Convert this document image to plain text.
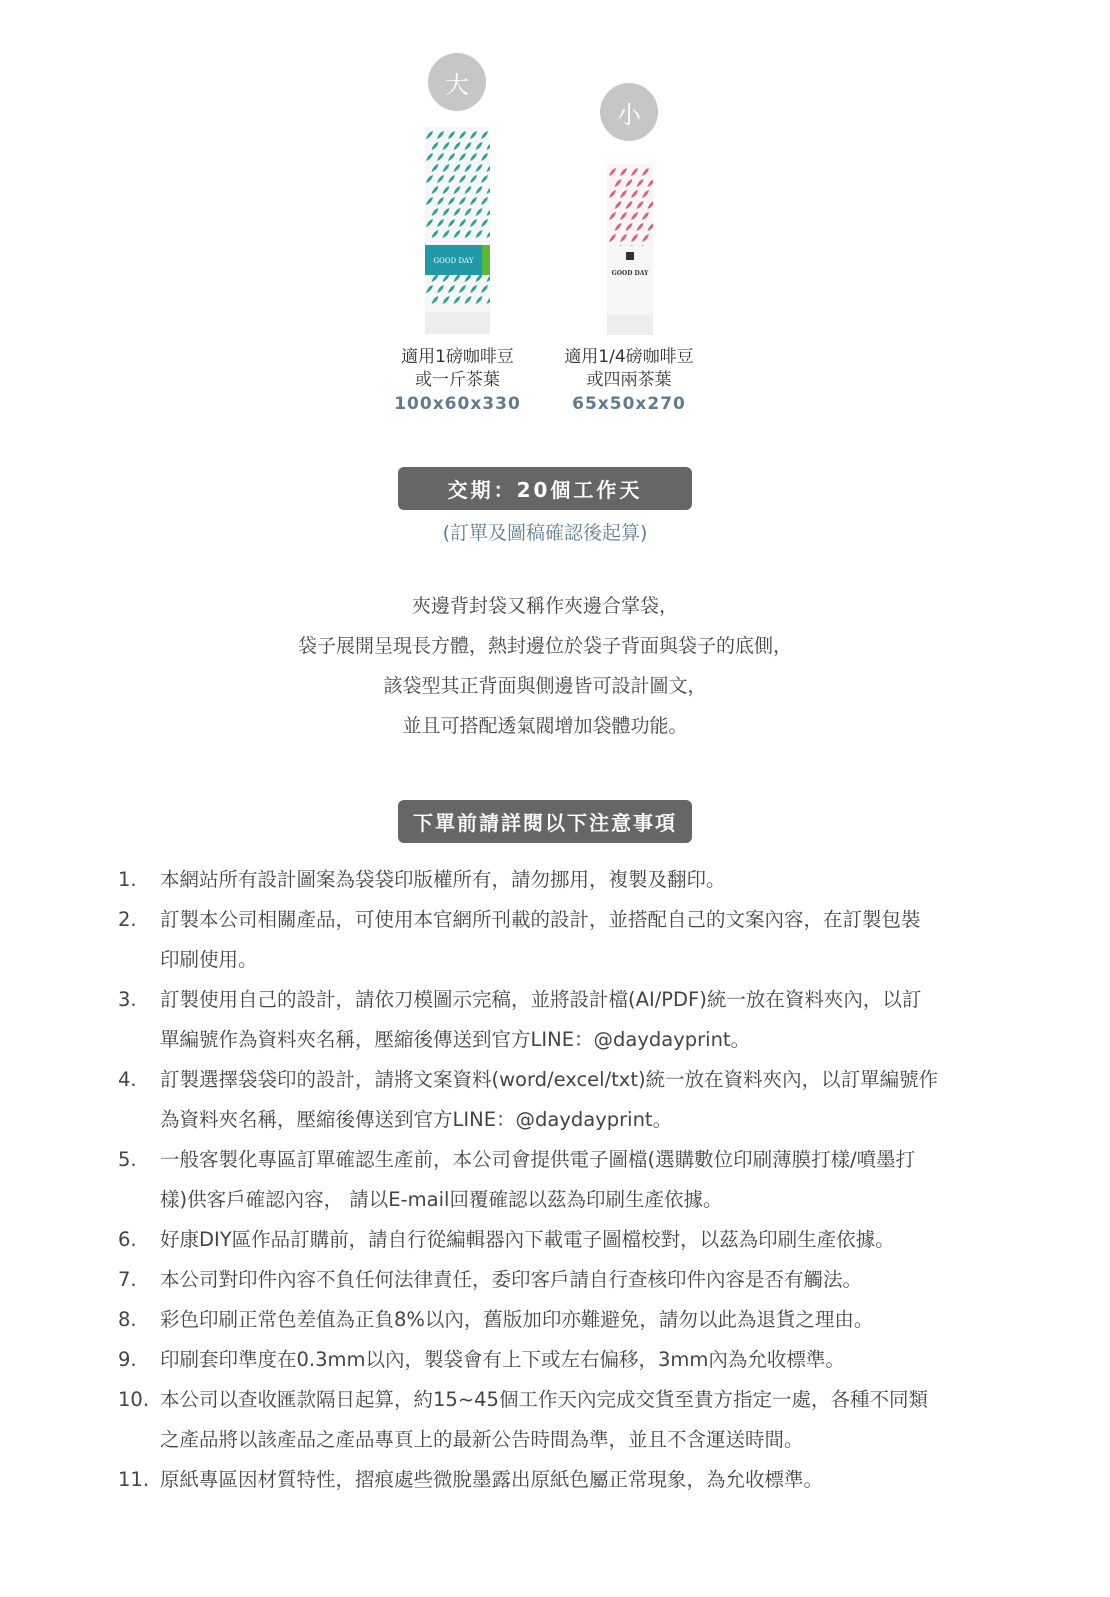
大
GOOD DAY
適用1磅咖啡豆
或一斤茶葉
100x60x330
小
GOOD DAY
適用1/4磅咖啡豆
或四兩茶葉
65x50x270
交期：20個工作天
(訂單及圖稿確認後起算)

夾邊背封袋又稱作夾邊合掌袋，

袋子展開呈現長方體，熱封邊位於袋子背面與袋子的底側，

該袋型其正背面與側邊皆可設計圖文，

並且可搭配透氣閥增加袋體功能。

下單前請詳閱以下注意事項
1.	本網站所有設計圖案為袋袋印版權所有，請勿挪用，複製及翻印。
2.	訂製本公司相關產品，可使用本官網所刊載的設計，並搭配自己的文案內容，在訂製包裝
印刷使用。
3.	訂製使用自己的設計，請依刀模圖示完稿，並將設計檔(AI/PDF)統一放在資料夾內，以訂
單編號作為資料夾名稱，壓縮後傳送到官方LINE：@daydayprint。
4.	訂製選擇袋袋印的設計，請將文案資料(word/excel/txt)統一放在資料夾內，以訂單編號作
為資料夾名稱，壓縮後傳送到官方LINE：@daydayprint。
5.	一般客製化專區訂單確認生產前，本公司會提供電子圖檔(選購數位印刷薄膜打樣/噴墨打
樣)供客戶確認內容， 請以E-mail回覆確認以茲為印刷生產依據。
6.	好康DIY區作品訂購前，請自行從編輯器內下載電子圖檔校對，以茲為印刷生產依據。
7.	本公司對印件內容不負任何法律責任，委印客戶請自行查核印件內容是否有觸法。
8.	彩色印刷正常色差值為正負8%以內，舊版加印亦難避免，請勿以此為退貨之理由。
9.	印刷套印準度在0.3mm以內，製袋會有上下或左右偏移，3mm內為允收標準。
10. 本公司以查收匯款隔日起算，約15~45個工作天內完成交貨至貴方指定一處，各種不同類
之產品將以該產品之產品專頁上的最新公告時間為準，並且不含運送時間。
11. 原紙專區因材質特性，摺痕處些微脫墨露出原紙色屬正常現象，為允收標準。
